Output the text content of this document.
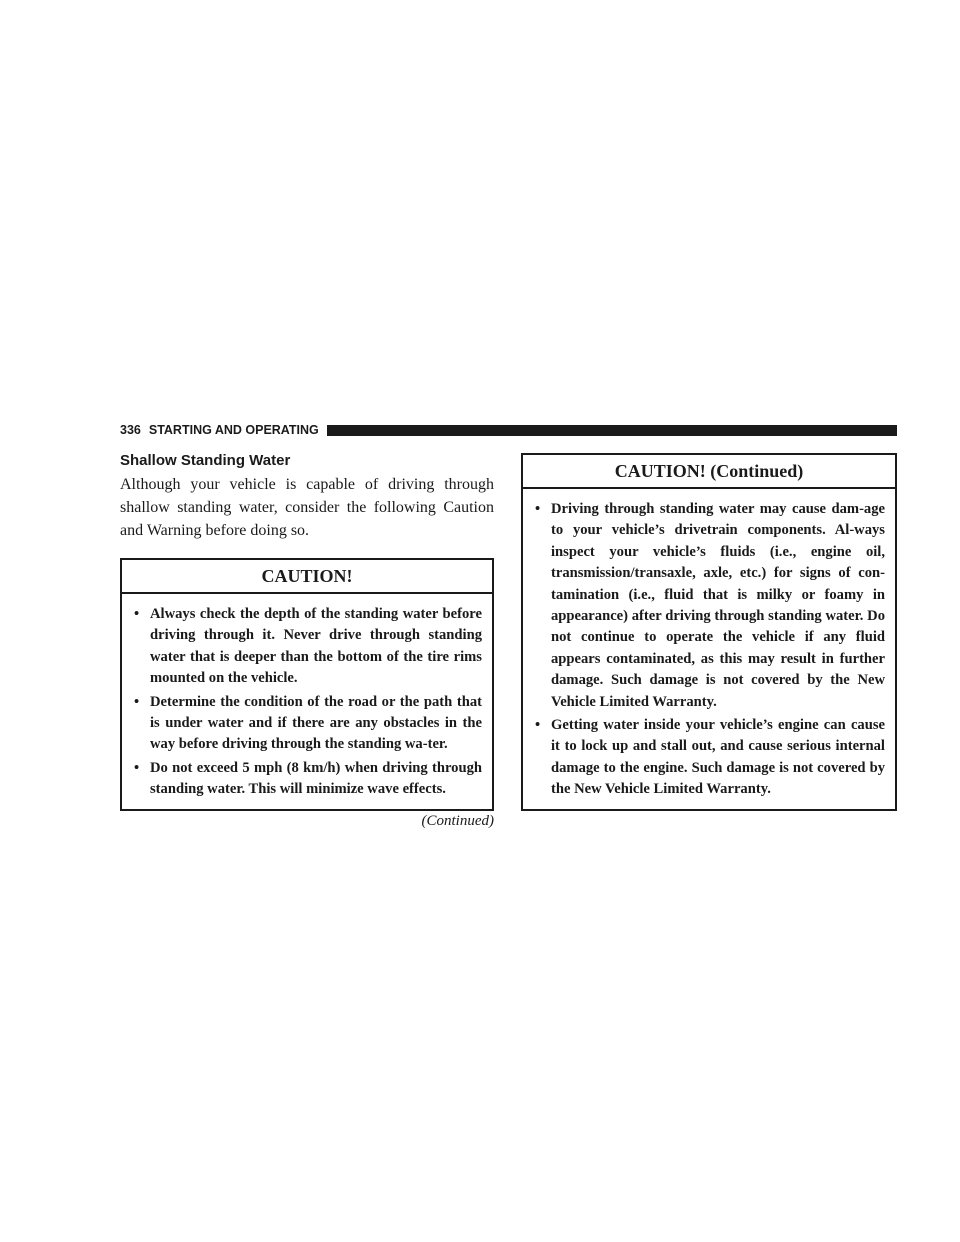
336 STARTING AND OPERATING
Shallow Standing Water

Although your vehicle is capable of driving through shallow standing water, consider the following Caution and Warning before doing so.

CAUTION!
• Always check the depth of the standing water before driving through it. Never drive through standing water that is deeper than the bottom of the tire rims mounted on the vehicle.
• Determine the condition of the road or the path that is under water and if there are any obstacles in the way before driving through the standing wa-ter.
• Do not exceed 5 mph (8 km/h) when driving through standing water. This will minimize wave effects.
(Continued)
CAUTION! (Continued)
• Driving through standing water may cause dam-age to your vehicle’s drivetrain components. Al-ways inspect your vehicle’s fluids (i.e., engine oil, transmission/transaxle, axle, etc.) for signs of con-tamination (i.e., fluid that is milky or foamy in appearance) after driving through standing water. Do not continue to operate the vehicle if any fluid appears contaminated, as this may result in further damage. Such damage is not covered by the New Vehicle Limited Warranty.
• Getting water inside your vehicle’s engine can cause it to lock up and stall out, and cause serious internal damage to the engine. Such damage is not covered by the New Vehicle Limited Warranty.
